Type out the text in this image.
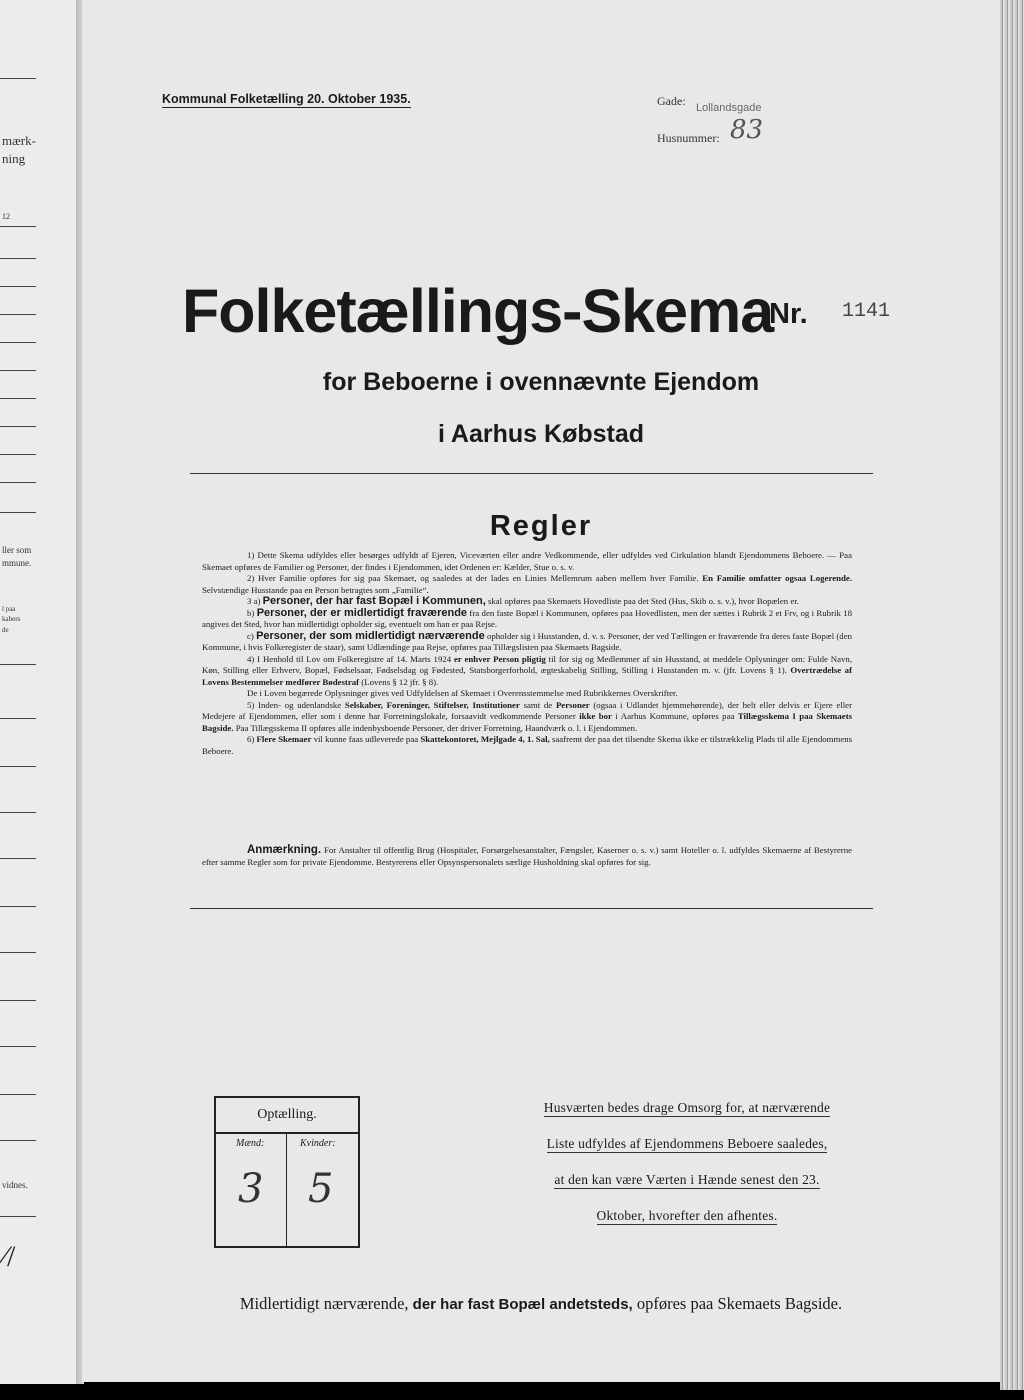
mærk-
ning
12
ller som
mmune.
l paa
kabers
de
vidnes.
⁄/
Kommunal Folketælling 20. Oktober 1935.	Gade: Lollandsgade
Husnummer: 83
Folketællings-Skema
Nr. 1141
for Beboerne i ovennævnte Ejendom
i Aarhus Købstad
Regler

1) Dette Skema udfyldes eller besørges udfyldt af Ejeren, Viceværten eller andre Vedkommende, eller udfyldes ved Cirkulation blandt Ejendommens Beboere. — Paa Skemaet opføres de Familier og Personer, der findes i Ejendommen, idet Ordenen er: Kælder, Stue o. s. v.

2) Hver Familie opføres for sig paa Skemaet, og saaledes at der lades en Linies Mellemrum aaben mellem hver Familie. En Familie omfatter ogsaa Logerende. Selvstændige Husstande paa en Person betragtes som „Familie“.

3 a) Personer, der har fast Bopæl i Kommunen, skal opføres paa Skemaets Hovedliste paa det Sted (Hus, Skib o. s. v.), hvor Bopælen er.

b) Personer, der er midlertidigt fraværende fra den faste Bopæl i Kommunen, opføres paa Hovedlisten, men der sættes i Rubrik 2 et Frv, og i Rubrik 18 angives det Sted, hvor han midlertidigt opholder sig, eventuelt om han er paa Rejse.

c) Personer, der som midlertidigt nærværende opholder sig i Husstanden, d. v. s. Personer, der ved Tællingen er fraværende fra deres faste Bopæl (den Kommune, i hvis Folkeregister de staar), samt Udlændinge paa Rejse, opføres paa Tillægslisten paa Skemaets Bagside.

4) I Henhold til Lov om Folkeregistre af 14. Marts 1924 er enhver Person pligtig til for sig og Medlemmer af sin Husstand, at meddele Oplysninger om: Fulde Navn, Køn, Stilling eller Erhverv, Bopæl, Fødselsaar, Fødselsdag og Fødested, Statsborgerforhold, ægteskabelig Stilling, Stilling i Husstanden m. v. (jfr. Lovens § 1). Overtrædelse af Lovens Bestemmelser medfører Bødestraf (Lovens § 12 jfr. § 8).

De i Loven begærede Oplysninger gives ved Udfyldelsen af Skemaet i Overensstemmelse med Rubrikkernes Overskrifter.

5) Inden- og udenlandske Selskaber, Foreninger, Stiftelser, Institutioner samt de Personer (ogsaa i Udlandet hjemmehørende), der helt eller delvis er Ejere eller Medejere af Ejendommen, eller som i denne har Forretningslokale, forsaavidt vedkommende Personer ikke bor i Aarhus Kommune, opføres paa Tillægsskema I paa Skemaets Bagside. Paa Tillægsskema II opføres alle indenbysboende Personer, der driver Forretning, Haandværk o. l. i Ejendommen.

6) Flere Skemaer vil kunne faas udleverede paa Skattekontoret, Mejlgade 4, 1. Sal, saafremt der paa det tilsendte Skema ikke er tilstrækkelig Plads til alle Ejendommens Beboere.

Anmærkning. For Anstalter til offentlig Brug (Hospitaler, Forsørgelsesanstalter, Fængsler, Kaserner o. s. v.) samt Hoteller o. l. udfyldes Skemaerne af Bestyrerne efter samme Regler som for private Ejendomme. Bestyrerens eller Opsynspersonalets særlige Husholdning skal opføres for sig.
Optælling.
Mænd:	Kvinder:
3 5
Husværten bedes drage Omsorg for, at nærværende
Liste udfyldes af Ejendommens Beboere saaledes,
at den kan være Værten i Hænde senest den 23.
Oktober, hvorefter den afhentes.
Midlertidigt nærværende, der har fast Bopæl andetsteds, opføres paa Skemaets Bagside.
